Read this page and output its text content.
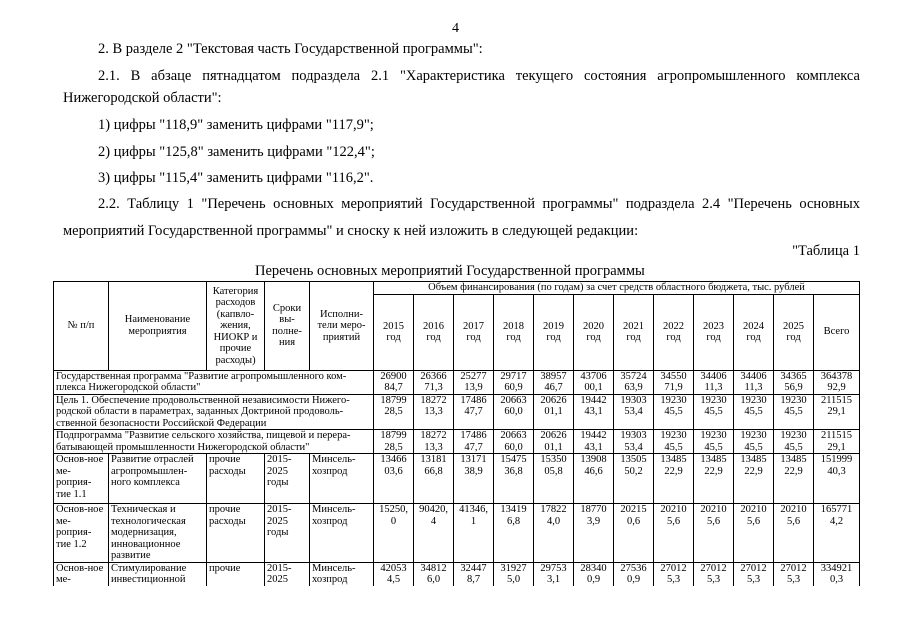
4
2. В разделе 2 "Текстовая часть Государственной программы":
2.1. В абзаце пятнадцатом подраздела 2.1 "Характеристика текущего состояния агропромышленного комплекса
Нижегородской области":
1) цифры "118,9" заменить цифрами "117,9";
2) цифры "125,8" заменить цифрами "122,4";
3) цифры "115,4" заменить цифрами "116,2".
2.2. Таблицу 1 "Перечень основных мероприятий Государственной программы" подраздела 2.4 "Перечень основных
мероприятий Государственной программы" и сноску к ней изложить в следующей редакции:
"Таблица 1
Перечень основных мероприятий Государственной программы
№ п/п	Наименование мероприятия	Категория расходов (капвло-жения, НИОКР и прочие расходы)	Сроки вы-полне-ния	Исполни-тели меро-приятий	Объем финансирования (по годам) за счет средств областного бюджета, тыс. рублей											
					2015 год	2016 год	2017 год	2018 год	2019 год	2020 год	2021 год	2022 год	2023 год	2024 год	2025 год	Всего
Государственная программа "Развитие агропромышленного ком-плекса Нижегородской области"					26900 84,7	26366 71,3	25277 13,9	29717 60,9	38957 46,7	43706 00,1	35724 63,9	34550 71,9	34406 11,3	34406 11,3	34365 56,9	364378 92,9
Цель 1. Обеспечение продовольственной независимости Нижего-родской области в параметрах, заданных Доктриной продоволь-ственной безопасности Российской Федерации					18799 28,5	18272 13,3	17486 47,7	20663 60,0	20626 01,1	19442 43,1	19303 53,4	19230 45,5	19230 45,5	19230 45,5	19230 45,5	211515 29,1
Подпрограмма "Развитие сельского хозяйства, пищевой и перера-батывающей промышленности Нижегородской области"					18799 28,5	18272 13,3	17486 47,7	20663 60,0	20626 01,1	19442 43,1	19303 53,4	19230 45,5	19230 45,5	19230 45,5	19230 45,5	211515 29,1
Основ-ное ме-роприя-тие 1.1	Развитие отраслей агропромышлен-ного комплекса	прочие расходы	2015-2025 годы	Минсель-хозпрод	13466 03,6	13181 66,8	13171 38,9	15475 36,8	15350 05,8	13908 46,6	13505 50,2	13485 22,9	13485 22,9	13485 22,9	13485 22,9	151999 40,3
Основ-ное ме-роприя-тие 1.2	Техническая и технологическая модернизация, инновационное развитие	прочие расходы	2015-2025 годы	Минсель-хозпрод	15250, 0	90420, 4	41346, 1	13419 6,8	17822 4,0	18770 3,9	20215 0,6	20210 5,6	20210 5,6	20210 5,6	20210 5,6	165771 4,2
Основ-ное ме-	Стимулирование инвестиционной	прочие	2015-2025	Минсель-хозпрод	42053 4,5	34812 6,0	32447 8,7	31927 5,0	29753 3,1	28340 0,9	27536 0,9	27012 5,3	27012 5,3	27012 5,3	27012 5,3	334921 0,3
